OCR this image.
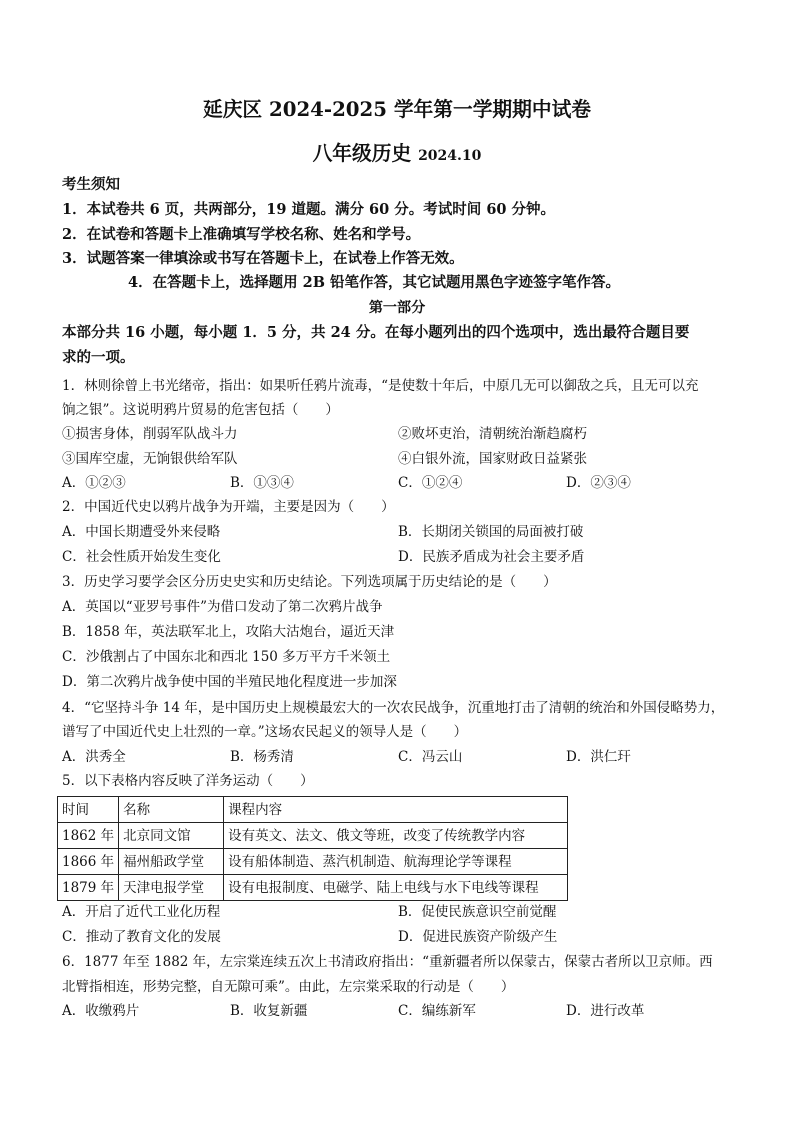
延庆区 2024-2025 学年第一学期期中试卷
八年级历史 2024.10
考生须知
1．本试卷共 6 页，共两部分，19 道题。满分 60 分。考试时间 60 分钟。
2．在试卷和答题卡上准确填写学校名称、姓名和学号。
3．试题答案一律填涂或书写在答题卡上，在试卷上作答无效。
4．在答题卡上，选择题用 2B 铅笔作答，其它试题用黑色字迹签字笔作答。
第一部分
本部分共 16 小题，每小题 1．5 分，共 24 分。在每小题列出的四个选项中，选出最符合题目要
求的一项。
1．林则徐曾上书光绪帝，指出：如果听任鸦片流毒，“是使数十年后，中原几无可以御敌之兵，且无可以充
饷之银”。这说明鸦片贸易的危害包括（　　）
①损害身体，削弱军队战斗力	②败坏吏治，清朝统治渐趋腐朽
③国库空虚，无饷银供给军队	④白银外流，国家财政日益紧张
A．①②③	B．①③④	C．①②④	D．②③④
2．中国近代史以鸦片战争为开端，主要是因为（　　）
A．中国长期遭受外来侵略	B．长期闭关锁国的局面被打破
C．社会性质开始发生变化	D．民族矛盾成为社会主要矛盾
3．历史学习要学会区分历史史实和历史结论。下列选项属于历史结论的是（　　）
A．英国以“亚罗号事件”为借口发动了第二次鸦片战争
B．1858 年，英法联军北上，攻陷大沽炮台，逼近天津
C．沙俄割占了中国东北和西北 150 多万平方千米领土
D．第二次鸦片战争使中国的半殖民地化程度进一步加深
4．“它坚持斗争 14 年，是中国历史上规模最宏大的一次农民战争，沉重地打击了清朝的统治和外国侵略势力，
谱写了中国近代史上壮烈的一章。”这场农民起义的领导人是（　　）
A．洪秀全	B．杨秀清	C．冯云山	D．洪仁玕
5．以下表格内容反映了洋务运动（　　）
时间	名称	课程内容
1862 年	北京同文馆	设有英文、法文、俄文等班，改变了传统教学内容
1866 年	福州船政学堂	设有船体制造、蒸汽机制造、航海理论学等课程
1879 年	天津电报学堂	设有电报制度、电磁学、陆上电线与水下电线等课程
A．开启了近代工业化历程	B．促使民族意识空前觉醒
C．推动了教育文化的发展	D．促进民族资产阶级产生
6．1877 年至 1882 年，左宗棠连续五次上书清政府指出：“重新疆者所以保蒙古，保蒙古者所以卫京师。西
北臂指相连，形势完整，自无隙可乘”。由此，左宗棠采取的行动是（　　）
A．收缴鸦片	B．收复新疆	C．编练新军	D．进行改革
